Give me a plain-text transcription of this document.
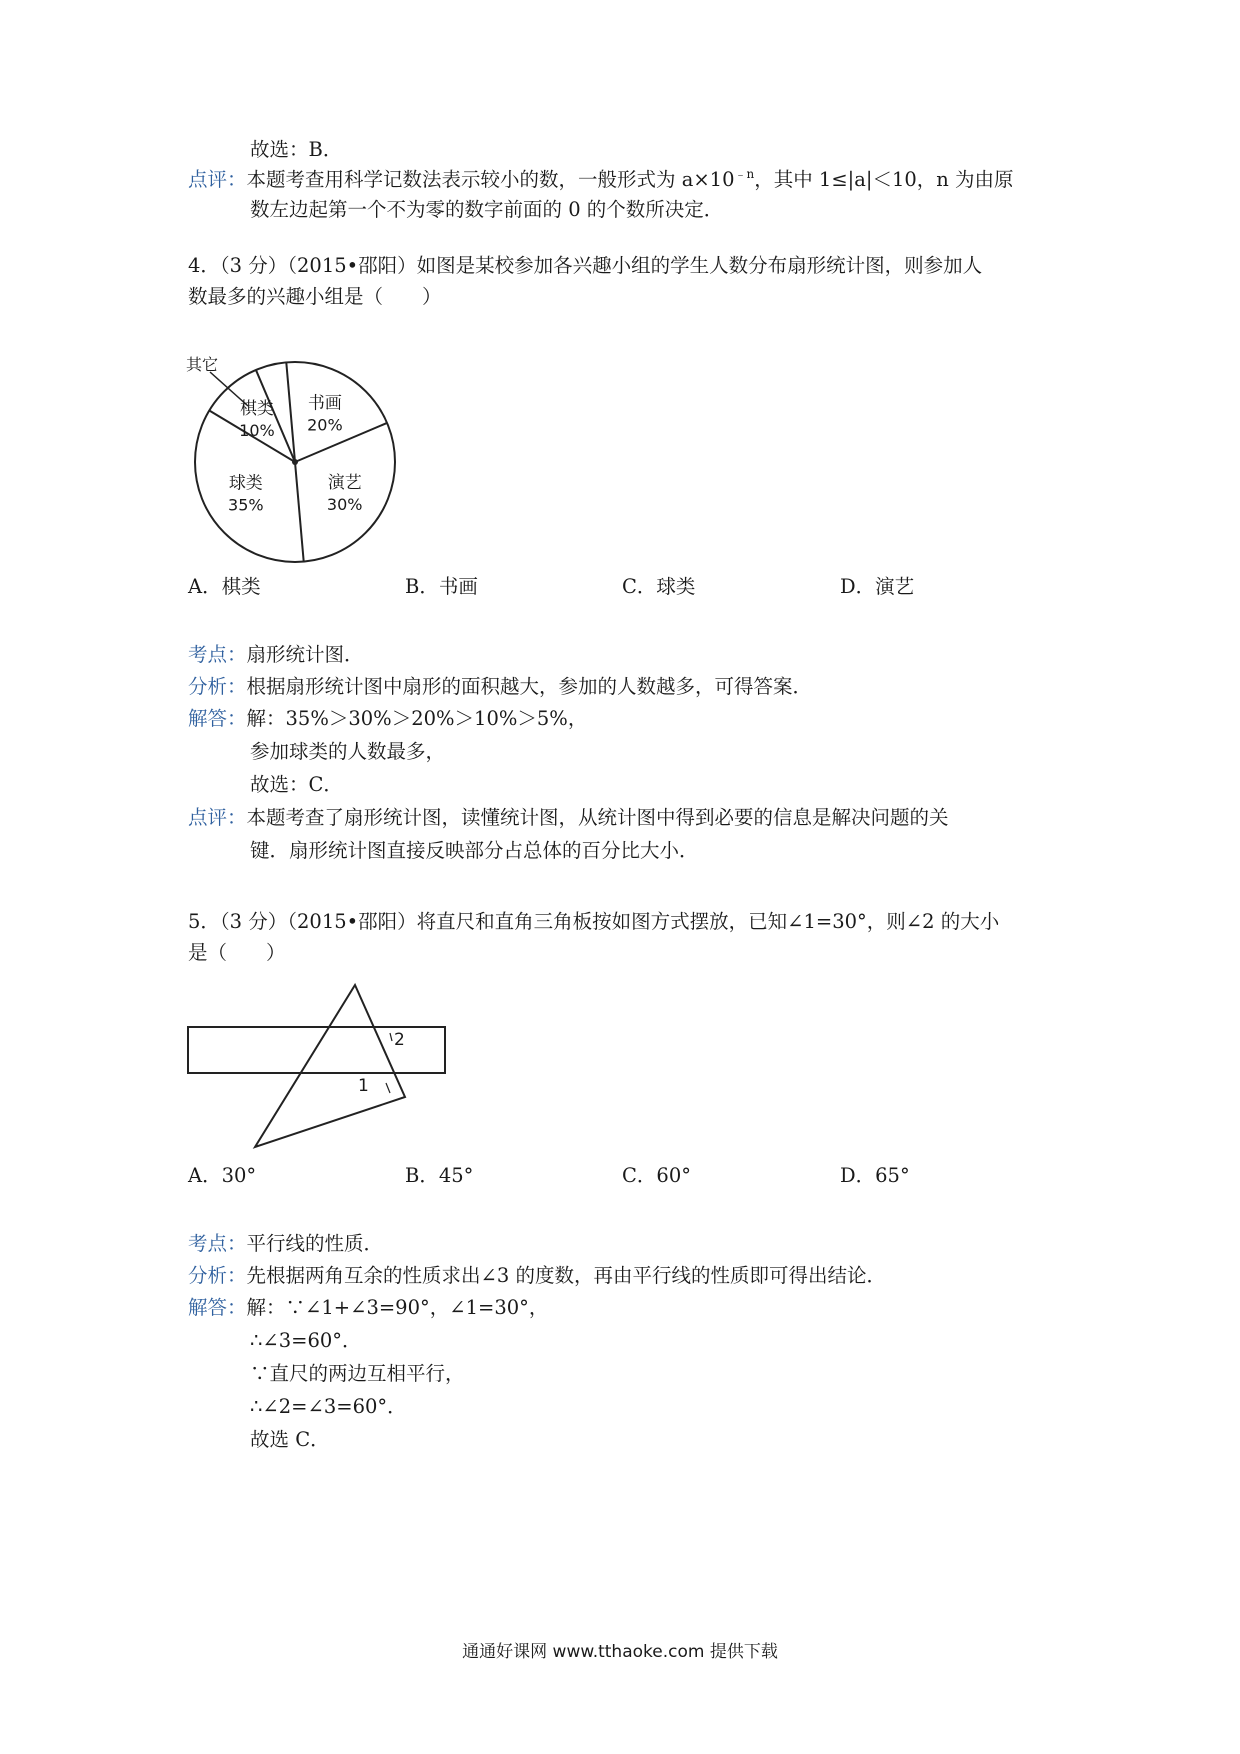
故选：B．
点评：本题考查用科学记数法表示较小的数，一般形式为 $a\times 10^{﹣n}$，其中 1≤|a|＜10，n 为由原
数左边起第一个不为零的数字前面的 0 的个数所决定．
4．（3 分）（2015•邵阳）如图是某校参加各兴趣小组的学生人数分布扇形统计图，则参加人
数最多的兴趣小组是（　　）
书画
20%
演艺
30%
球类
35%
棋类
10%
其它
A．棋类	B．书画	C．球类	D．演艺
考点：扇形统计图．
分析：根据扇形统计图中扇形的面积越大，参加的人数越多，可得答案．
解答：解：35%＞30%＞20%＞10%＞5%，
参加球类的人数最多，
故选：C．
点评：本题考查了扇形统计图，读懂统计图，从统计图中得到必要的信息是解决问题的关
键．扇形统计图直接反映部分占总体的百分比大小．
5．（3 分）（2015•邵阳）将直尺和直角三角板按如图方式摆放，已知∠1=30°，则∠2 的大小
是（　　）
2
1
A．30°	B．45°	C．60°	D．65°
考点：平行线的性质．
分析：先根据两角互余的性质求出∠3 的度数，再由平行线的性质即可得出结论．
解答：解：∵∠1+∠3=90°，∠1=30°，
∴∠3=60°．
∵直尺的两边互相平行，
∴∠2=∠3=60°．
故选 C．
通通好课网 www.tthaoke.com 提供下载
